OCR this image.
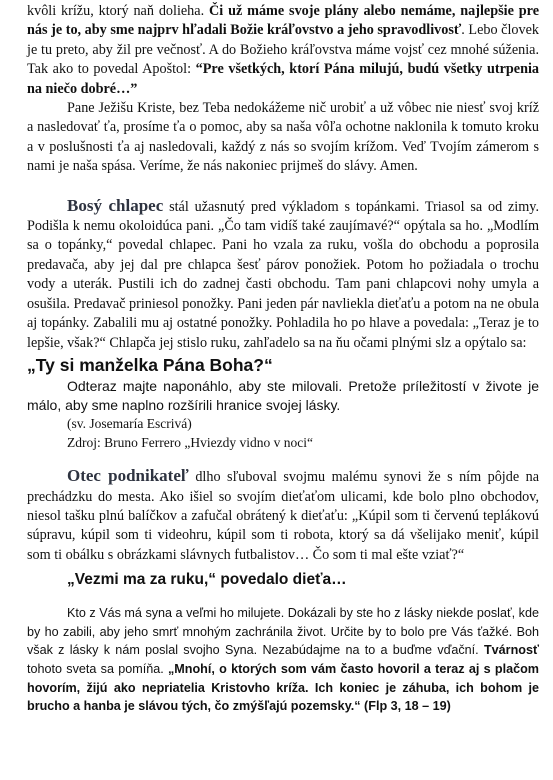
kvôli krížu, ktorý naň dolieha. Či už máme svoje plány alebo nemáme, najlepšie pre nás je to, aby sme najprv hľadali Božie kráľovstvo a jeho spravodlivosť. Lebo človek je tu preto, aby žil pre večnosť. A do Božieho kráľovstva máme vojsť cez mnohé súženia. Tak ako to povedal Apoštol: “Pre všetkých, ktorí Pána milujú, budú všetky utrpenia na niečo dobré…”

Pane Ježišu Kriste, bez Teba nedokážeme nič urobiť a už vôbec nie niesť svoj kríž a nasledovať ťa, prosíme ťa o pomoc, aby sa naša vôľa ochotne naklonila k tomuto kroku a v poslušnosti ťa aj nasledovali, každý z nás so svojím krížom. Veď Tvojím zámerom s nami je naša spása. Veríme, že nás nakoniec prijmeš do slávy. Amen.

Bosý chlapec stál užasnutý pred výkladom s topánkami. Triasol sa od zimy. Podišla k nemu okoloidúca pani. „Čo tam vidíš také zaujímavé?“ opýtala sa ho. „Modlím sa o topánky,“ povedal chlapec. Pani ho vzala za ruku, vošla do obchodu a poprosila predavača, aby jej dal pre chlapca šesť párov ponožiek. Potom ho požiadala o trochu vody a uterák. Pustili ich do zadnej časti obchodu. Tam pani chlapcovi nohy umyla a osušila. Predavač priniesol ponožky. Pani jeden pár navliekla dieťaťu a potom na ne obula aj topánky. Zabalili mu aj ostatné ponožky. Pohladila ho po hlave a povedala: „Teraz je to lepšie, však?“ Chlapča jej stislo ruku, zahľadelo sa na ňu očami plnými slz a opýtalo sa:

„Ty si manželka Pána Boha?“

Odteraz majte naponáhlo, aby ste milovali. Pretože príležitostí v živote je málo, aby sme naplno rozšírili hranice svojej lásky.

(sv. Josemaría Escrivá)

Zdroj: Bruno Ferrero „Hviezdy vidno v noci“

Otec podnikateľ dlho sľuboval svojmu malému synovi že s ním pôjde na prechádzku do mesta. Ako išiel so svojím dieťaťom ulicami, kde bolo plno obchodov, niesol tašku plnú balíčkov a zafučal obrátený k dieťaťu: „Kúpil som ti červenú teplákovú súpravu, kúpil som ti videohru, kúpil som ti robota, ktorý sa dá všelijako meniť, kúpil som ti obálku s obrázkami slávnych futbalistov… Čo som ti mal ešte vziať?“

„Vezmi ma za ruku,“ povedalo dieťa…

Kto z Vás má syna a veľmi ho milujete. Dokázali by ste ho z lásky niekde poslať, kde by ho zabili, aby jeho smrť mnohým zachránila život. Určite by to bolo pre Vás ťažké. Boh však z lásky k nám poslal svojho Syna. Nezabúdajme na to a buďme vďační. Tvárnosť tohoto sveta sa pomíňa. „Mnohí, o ktorých som vám často hovoril a teraz aj s plačom hovorím, žijú ako nepriatelia Kristovho kríža. Ich koniec je záhuba, ich bohom je brucho a hanba je slávou tých, čo zmýšľajú pozemsky.“ (Flp 3, 18 – 19)
